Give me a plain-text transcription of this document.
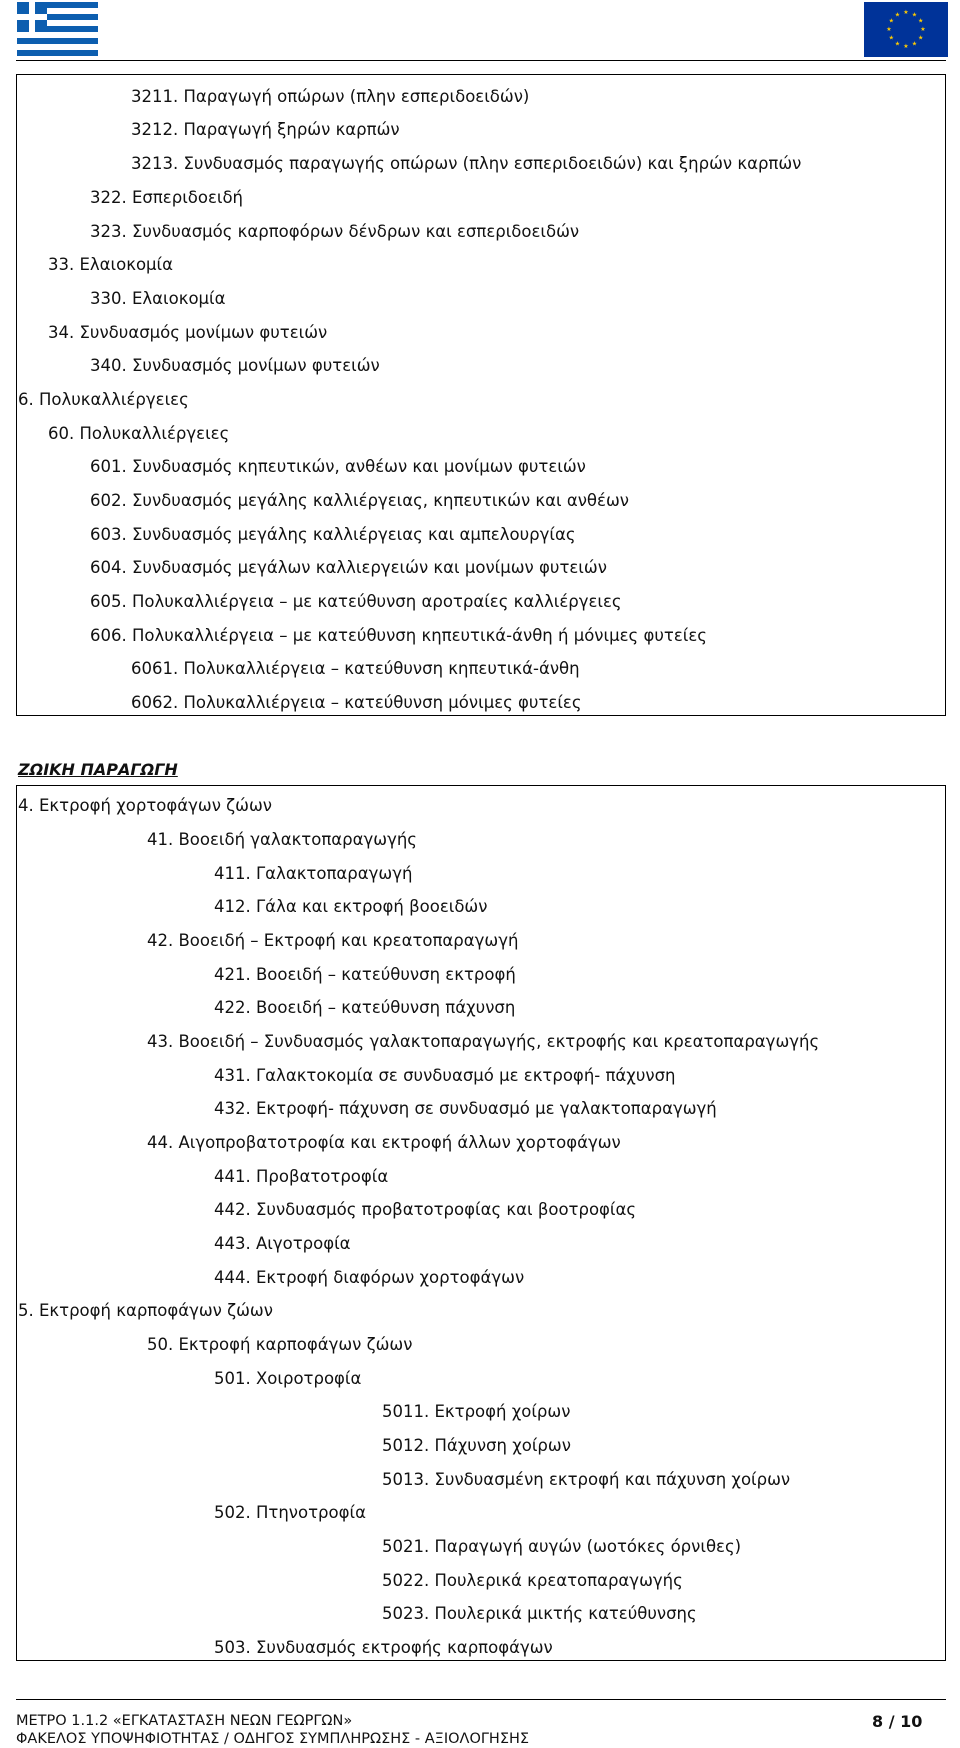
★ ★
★
★
★
★
★
★
★
★
★
★
3211. Παραγωγή οπώρων (πλην εσπεριδοειδών)
3212. Παραγωγή ξηρών καρπών
3213. Συνδυασμός παραγωγής οπώρων (πλην εσπεριδοειδών) και ξηρών καρπών
322. Εσπεριδοειδή
323. Συνδυασμός καρποφόρων δένδρων και εσπεριδοειδών
33. Ελαιοκομία
330. Ελαιοκομία
34. Συνδυασμός μονίμων φυτειών
340. Συνδυασμός μονίμων φυτειών
6. Πολυκαλλιέργειες
60. Πολυκαλλιέργειες
601. Συνδυασμός κηπευτικών, ανθέων και μονίμων φυτειών
602. Συνδυασμός μεγάλης καλλιέργειας, κηπευτικών και ανθέων
603. Συνδυασμός μεγάλης καλλιέργειας και αμπελουργίας
604. Συνδυασμός μεγάλων καλλιεργειών και μονίμων φυτειών
605. Πολυκαλλιέργεια – με κατεύθυνση αροτραίες καλλιέργειες
606. Πολυκαλλιέργεια – με κατεύθυνση κηπευτικά-άνθη ή μόνιμες φυτείες
6061. Πολυκαλλιέργεια – κατεύθυνση κηπευτικά-άνθη
6062. Πολυκαλλιέργεια – κατεύθυνση μόνιμες φυτείες
ΖΩΙΚΗ ΠΑΡΑΓΩΓΗ
4. Εκτροφή χορτοφάγων ζώων
41. Βοοειδή γαλακτοπαραγωγής
411. Γαλακτοπαραγωγή
412. Γάλα και εκτροφή βοοειδών
42. Βοοειδή – Εκτροφή και κρεατοπαραγωγή
421. Βοοειδή – κατεύθυνση εκτροφή
422. Βοοειδή – κατεύθυνση πάχυνση
43. Βοοειδή – Συνδυασμός γαλακτοπαραγωγής, εκτροφής και κρεατοπαραγωγής
431. Γαλακτοκομία σε συνδυασμό με εκτροφή- πάχυνση
432. Εκτροφή- πάχυνση σε συνδυασμό με γαλακτοπαραγωγή
44. Αιγοπροβατοτροφία και εκτροφή άλλων χορτοφάγων
441. Προβατοτροφία
442. Συνδυασμός προβατοτροφίας και βοοτροφίας
443. Αιγοτροφία
444. Εκτροφή διαφόρων χορτοφάγων
5. Εκτροφή καρποφάγων ζώων
50. Εκτροφή καρποφάγων ζώων
501. Χοιροτροφία
5011. Εκτροφή χοίρων
5012. Πάχυνση χοίρων
5013. Συνδυασμένη εκτροφή και πάχυνση χοίρων
502. Πτηνοτροφία
5021. Παραγωγή αυγών (ωοτόκες όρνιθες)
5022. Πουλερικά κρεατοπαραγωγής
5023. Πουλερικά μικτής κατεύθυνσης
503. Συνδυασμός εκτροφής καρποφάγων
ΜΕΤΡΟ 1.1.2 «ΕΓΚΑΤΑΣΤΑΣΗ ΝΕΩΝ ΓΕΩΡΓΩΝ»
ΦΑΚΕΛΟΣ ΥΠΟΨΗΦΙΟΤΗΤΑΣ / ΟΔΗΓΟΣ ΣΥΜΠΛΗΡΩΣΗΣ - ΑΞΙΟΛΟΓΗΣΗΣ
8 / 10
